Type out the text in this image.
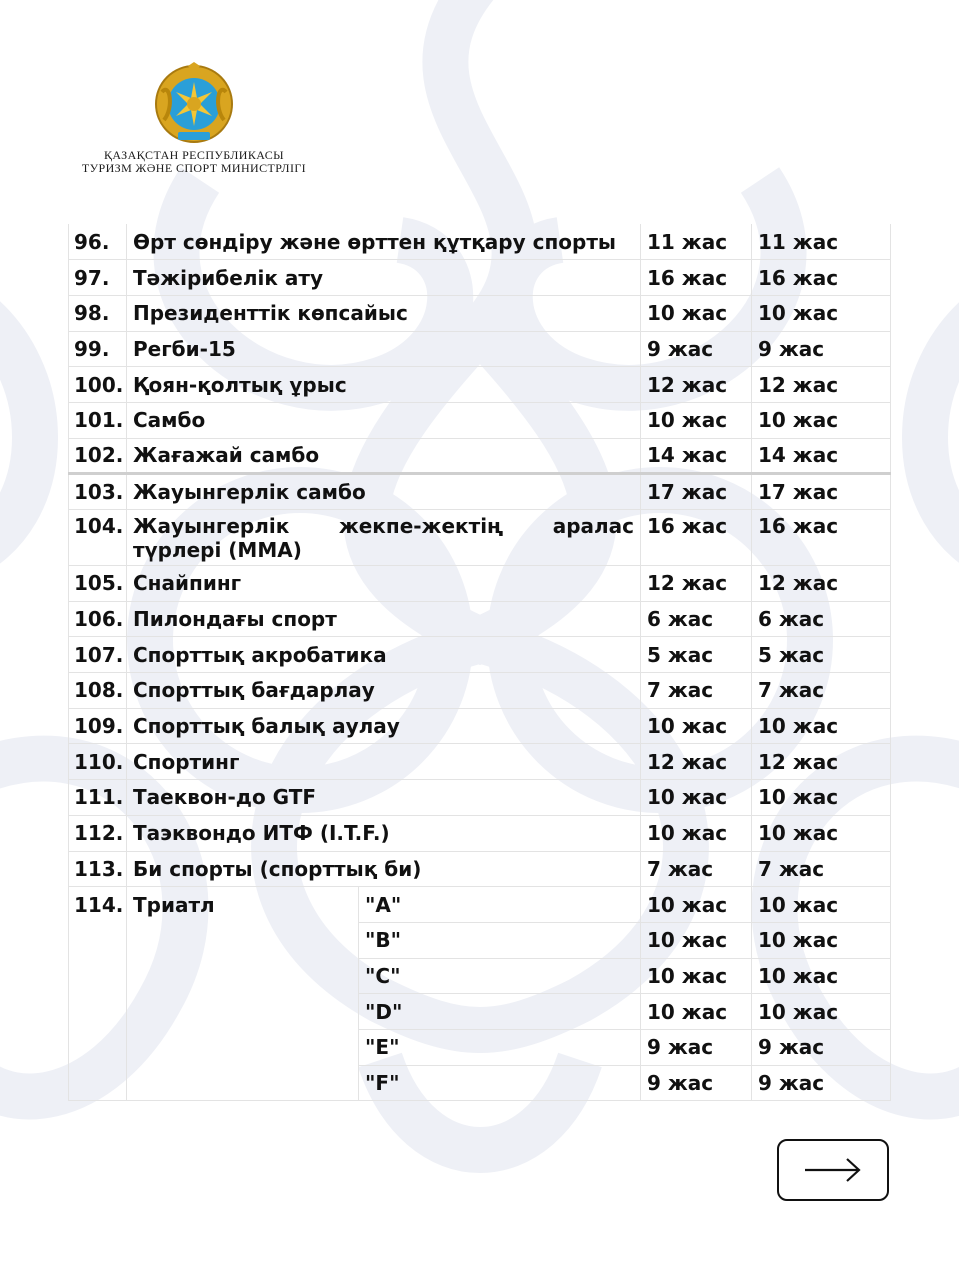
ҚАЗАҚСТАН РЕСПУБЛИКАСЫ
ТУРИЗМ ЖӘНЕ СПОРТ МИНИСТРЛІГІ
96.	Өрт сөндіру және өрттен құтқару спорты		11 жас	11 жас
97.	Тәжірибелік ату		16 жас	16 жас
98.	Президенттік көпсайыс		10 жас	10 жас
99.	Регби-15		9 жас	9 жас
100.	Қоян-қолтық ұрыс		12 жас	12 жас
101.	Самбо		10 жас	10 жас
102.	Жағажай самбо		14 жас	14 жас
103.	Жауынгерлік самбо		17 жас	17 жас
104.	Жауынгерлік жекпе-жектің аралас түрлері (ММА)		16 жас	16 жас
105.	Снайпинг		12 жас	12 жас
106.	Пилондағы спорт		6 жас	6 жас
107.	Спорттық акробатика		5 жас	5 жас
108.	Спорттық бағдарлау		7 жас	7 жас
109.	Спорттық балық аулау		10 жас	10 жас
110.	Спортинг		12 жас	12 жас
111.	Таеквон-до GTF		10 жас	10 жас
112.	Таэквондо ИТФ (I.T.F.)		10 жас	10 жас
113.	Би спорты (спорттық би)		7 жас	7 жас
114.	Триатл	"A"	10 жас	10 жас
		"B"	10 жас	10 жас
		"C"	10 жас	10 жас
		"D"	10 жас	10 жас
		"E"	9 жас	9 жас
		"F"	9 жас	9 жас
